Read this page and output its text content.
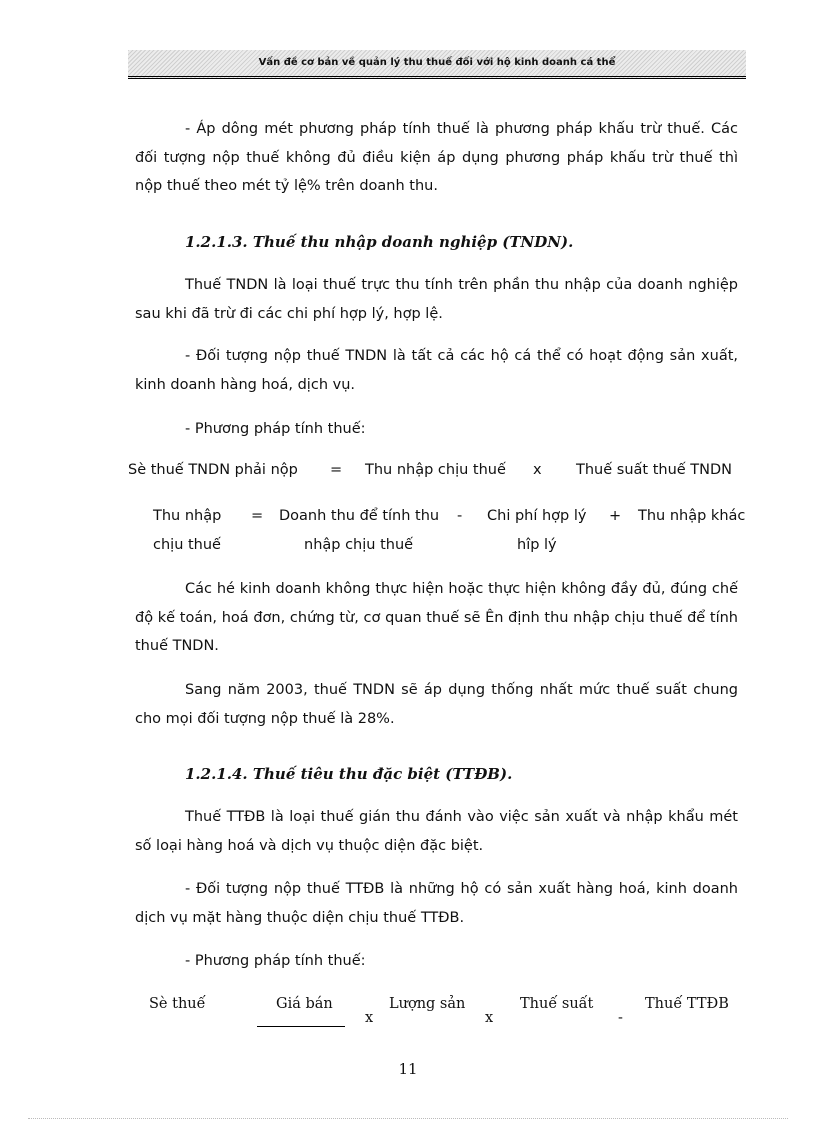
Vấn đề cơ bản về quản lý thu thuế đối với hộ kinh doanh cá thể
- Áp dông mét phương pháp tính thuế là phương pháp khấu trừ thuế. Các đối tượng nộp thuế không đủ điều kiện áp dụng phương pháp khấu trừ thuế thì nộp thuế theo mét tỷ lệ% trên doanh thu.
1.2.1.3. Thuế thu nhập doanh nghiệp (TNDN).
Thuế TNDN là loại thuế trực thu tính trên phần thu nhập của doanh nghiệp sau khi đã trừ đi các chi phí hợp lý, hợp lệ.
- Đối tượng nộp thuế TNDN là tất cả các hộ cá thể có hoạt động sản xuất, kinh doanh hàng hoá, dịch vụ.
- Phương pháp tính thuế:
Sè thuế TNDN phải nộp = Thu nhập chịu thuế x Thuế suất thuế TNDN
Thu nhập
chịu thuế
= Doanh thu để tính thu
nhập chịu thuế
- Chi phí hợp lý
hîp lý
+ Thu nhập khác
Các hé kinh doanh không thực hiện hoặc thực hiện không đầy đủ, đúng chế độ kế toán, hoá đơn, chứng từ, cơ quan thuế sẽ Ên định thu nhập chịu thuế để tính thuế TNDN.
Sang năm 2003, thuế TNDN sẽ áp dụng thống nhất mức thuế suất chung cho mọi đối tượng nộp thuế là 28%.
1.2.1.4. Thuế tiêu thu đặc biệt (TTĐB).
Thuế TTĐB là loại thuế gián thu đánh vào việc sản xuất và nhập khẩu mét số loại hàng hoá và dịch vụ thuộc diện đặc biệt.
- Đối tượng nộp thuế TTĐB là những hộ có sản xuất hàng hoá, kinh doanh dịch vụ mặt hàng thuộc diện chịu thuế TTĐB.
- Phương pháp tính thuế:
Sè thuế	Giá bán
x
Lượng sản
x
Thuế suất
-
Thuế TTĐB
11
